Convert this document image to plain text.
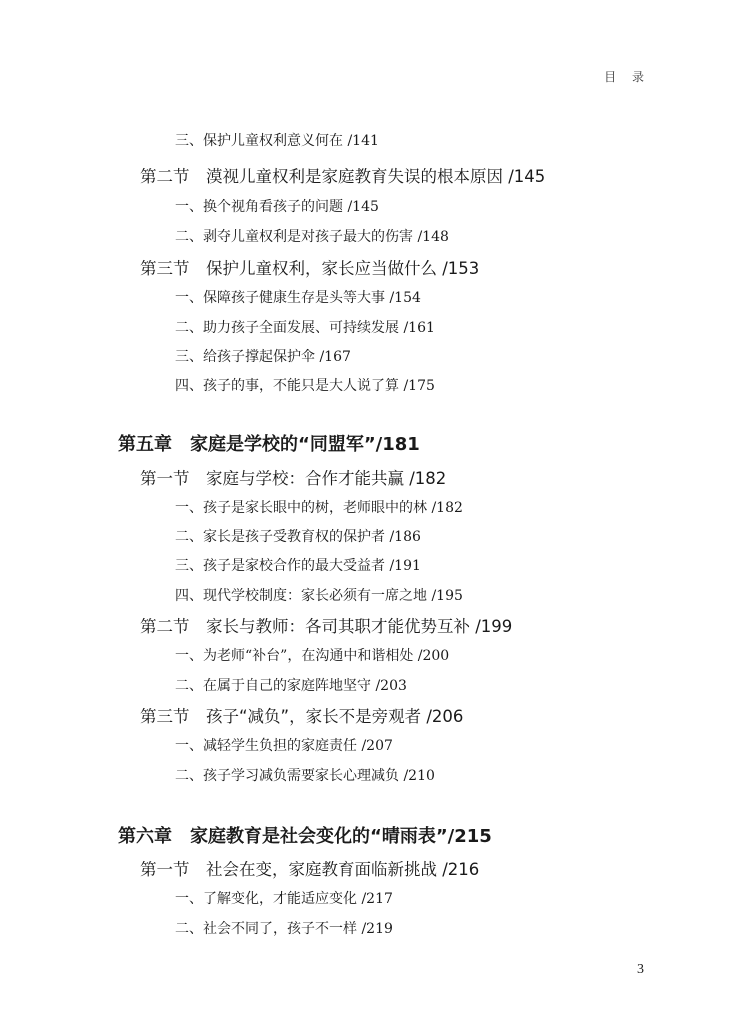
目 录
三、保护儿童权利意义何在 /141
第二节　漠视儿童权利是家庭教育失误的根本原因 /145
一、换个视角看孩子的问题 /145
二、剥夺儿童权利是对孩子最大的伤害 /148
第三节　保护儿童权利，家长应当做什么 /153
一、保障孩子健康生存是头等大事 /154
二、助力孩子全面发展、可持续发展 /161
三、给孩子撑起保护伞 /167
四、孩子的事，不能只是大人说了算 /175
第五章　家庭是学校的“同盟军”/181
第一节　家庭与学校：合作才能共赢 /182
一、孩子是家长眼中的树，老师眼中的林 /182
二、家长是孩子受教育权的保护者 /186
三、孩子是家校合作的最大受益者 /191
四、现代学校制度：家长必须有一席之地 /195
第二节　家长与教师：各司其职才能优势互补 /199
一、为老师“补台”，在沟通中和谐相处 /200
二、在属于自己的家庭阵地坚守 /203
第三节　孩子“减负”，家长不是旁观者 /206
一、减轻学生负担的家庭责任 /207
二、孩子学习减负需要家长心理减负 /210
第六章　家庭教育是社会变化的“晴雨表”/215
第一节　社会在变，家庭教育面临新挑战 /216
一、了解变化，才能适应变化 /217
二、社会不同了，孩子不一样 /219
3
